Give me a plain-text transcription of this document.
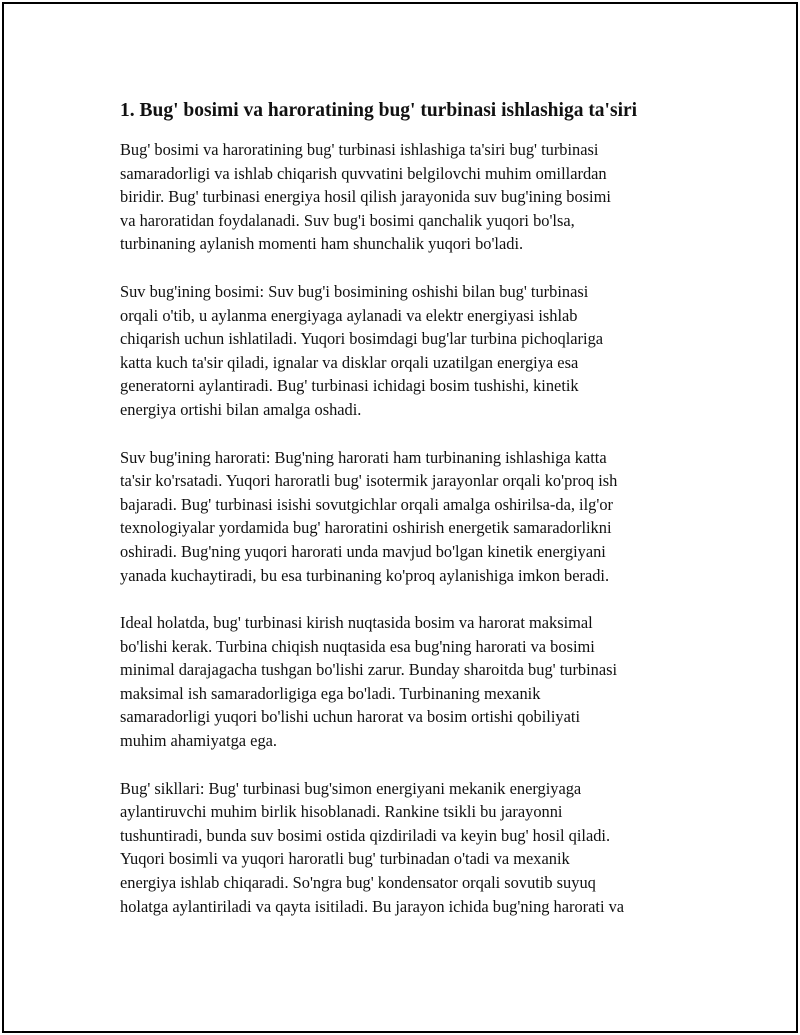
1. Bug' bosimi va haroratining bug' turbinasi ishlashiga ta'siri

Bug' bosimi va haroratining bug' turbinasi ishlashiga ta'siri bug' turbinasi
samaradorligi va ishlab chiqarish quvvatini belgilovchi muhim omillardan
biridir. Bug' turbinasi energiya hosil qilish jarayonida suv bug'ining bosimi
va haroratidan foydalanadi. Suv bug'i bosimi qanchalik yuqori bo'lsa,
turbinaning aylanish momenti ham shunchalik yuqori bo'ladi.

Suv bug'ining bosimi: Suv bug'i bosimining oshishi bilan bug' turbinasi
orqali o'tib, u aylanma energiyaga aylanadi va elektr energiyasi ishlab
chiqarish uchun ishlatiladi. Yuqori bosimdagi bug'lar turbina pichoqlariga
katta kuch ta'sir qiladi, ignalar va disklar orqali uzatilgan energiya esa
generatorni aylantiradi. Bug' turbinasi ichidagi bosim tushishi, kinetik
energiya ortishi bilan amalga oshadi.

Suv bug'ining harorati: Bug'ning harorati ham turbinaning ishlashiga katta
ta'sir ko'rsatadi. Yuqori haroratli bug' isotermik jarayonlar orqali ko'proq ish
bajaradi. Bug' turbinasi isishi sovutgichlar orqali amalga oshirilsa-da, ilg'or
texnologiyalar yordamida bug' haroratini oshirish energetik samaradorlikni
oshiradi. Bug'ning yuqori harorati unda mavjud bo'lgan kinetik energiyani
yanada kuchaytiradi, bu esa turbinaning ko'proq aylanishiga imkon beradi.

Ideal holatda, bug' turbinasi kirish nuqtasida bosim va harorat maksimal
bo'lishi kerak. Turbina chiqish nuqtasida esa bug'ning harorati va bosimi
minimal darajagacha tushgan bo'lishi zarur. Bunday sharoitda bug' turbinasi
maksimal ish samaradorligiga ega bo'ladi. Turbinaning mexanik
samaradorligi yuqori bo'lishi uchun harorat va bosim ortishi qobiliyati
muhim ahamiyatga ega.

Bug' sikllari: Bug' turbinasi bug'simon energiyani mekanik energiyaga
aylantiruvchi muhim birlik hisoblanadi. Rankine tsikli bu jarayonni
tushuntiradi, bunda suv bosimi ostida qizdiriladi va keyin bug' hosil qiladi.
Yuqori bosimli va yuqori haroratli bug' turbinadan o'tadi va mexanik
energiya ishlab chiqaradi. So'ngra bug' kondensator orqali sovutib suyuq
holatga aylantiriladi va qayta isitiladi. Bu jarayon ichida bug'ning harorati va
